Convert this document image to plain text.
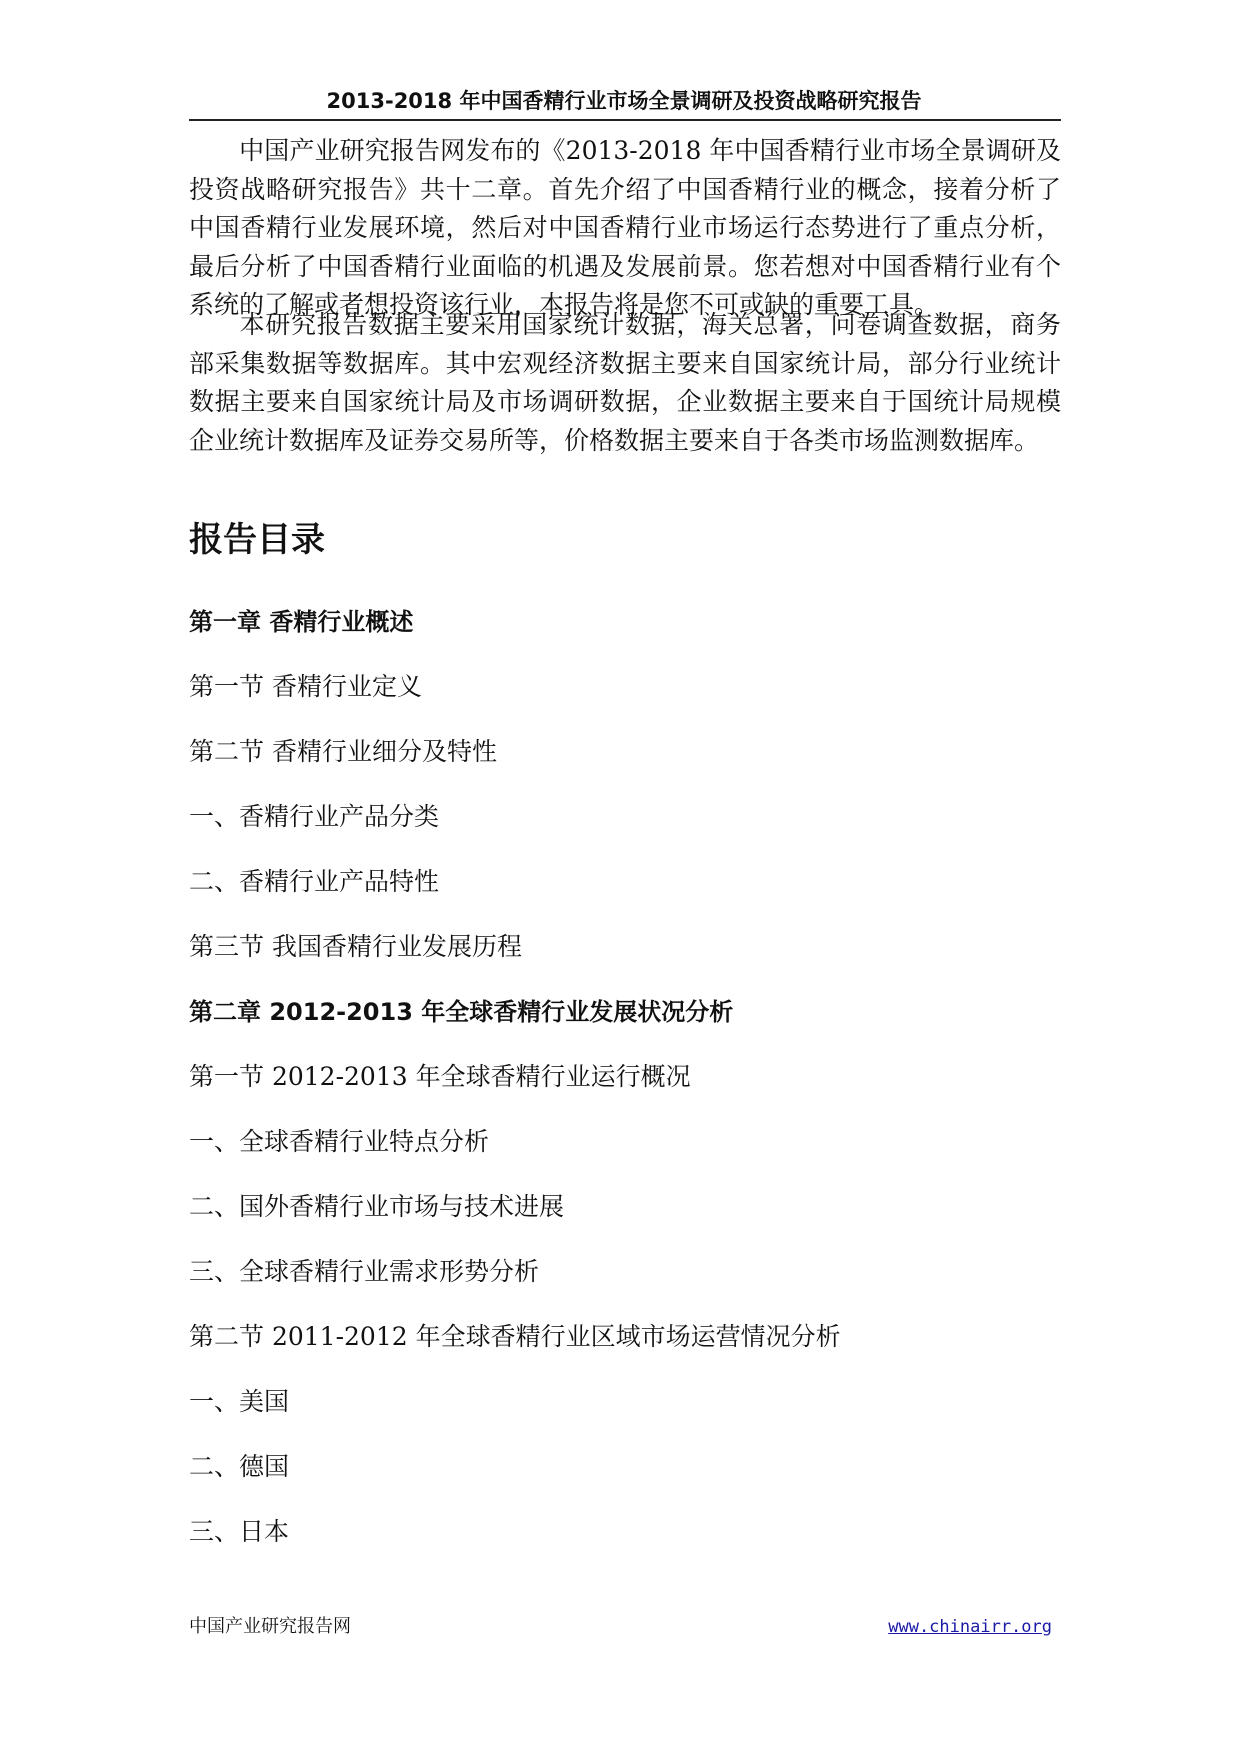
2013-2018 年中国香精行业市场全景调研及投资战略研究报告

中国产业研究报告网发布的《2013-2018 年中国香精行业市场全景调研及投资战略研究报告》共十二章。首先介绍了中国香精行业的概念，接着分析了中国香精行业发展环境，然后对中国香精行业市场运行态势进行了重点分析，最后分析了中国香精行业面临的机遇及发展前景。您若想对中国香精行业有个系统的了解或者想投资该行业，本报告将是您不可或缺的重要工具。

本研究报告数据主要采用国家统计数据，海关总署，问卷调查数据，商务部采集数据等数据库。其中宏观经济数据主要来自国家统计局，部分行业统计数据主要来自国家统计局及市场调研数据，企业数据主要来自于国统计局规模企业统计数据库及证券交易所等，价格数据主要来自于各类市场监测数据库。

报告目录
第一章 香精行业概述
第一节 香精行业定义
第二节 香精行业细分及特性
一、香精行业产品分类
二、香精行业产品特性
第三节 我国香精行业发展历程
第二章 2012-2013 年全球香精行业发展状况分析
第一节 2012-2013 年全球香精行业运行概况
一、全球香精行业特点分析
二、国外香精行业市场与技术进展
三、全球香精行业需求形势分析
第二节 2011-2012 年全球香精行业区域市场运营情况分析
一、美国
二、德国
三、日本
中国产业研究报告网	www.chinairr.org
